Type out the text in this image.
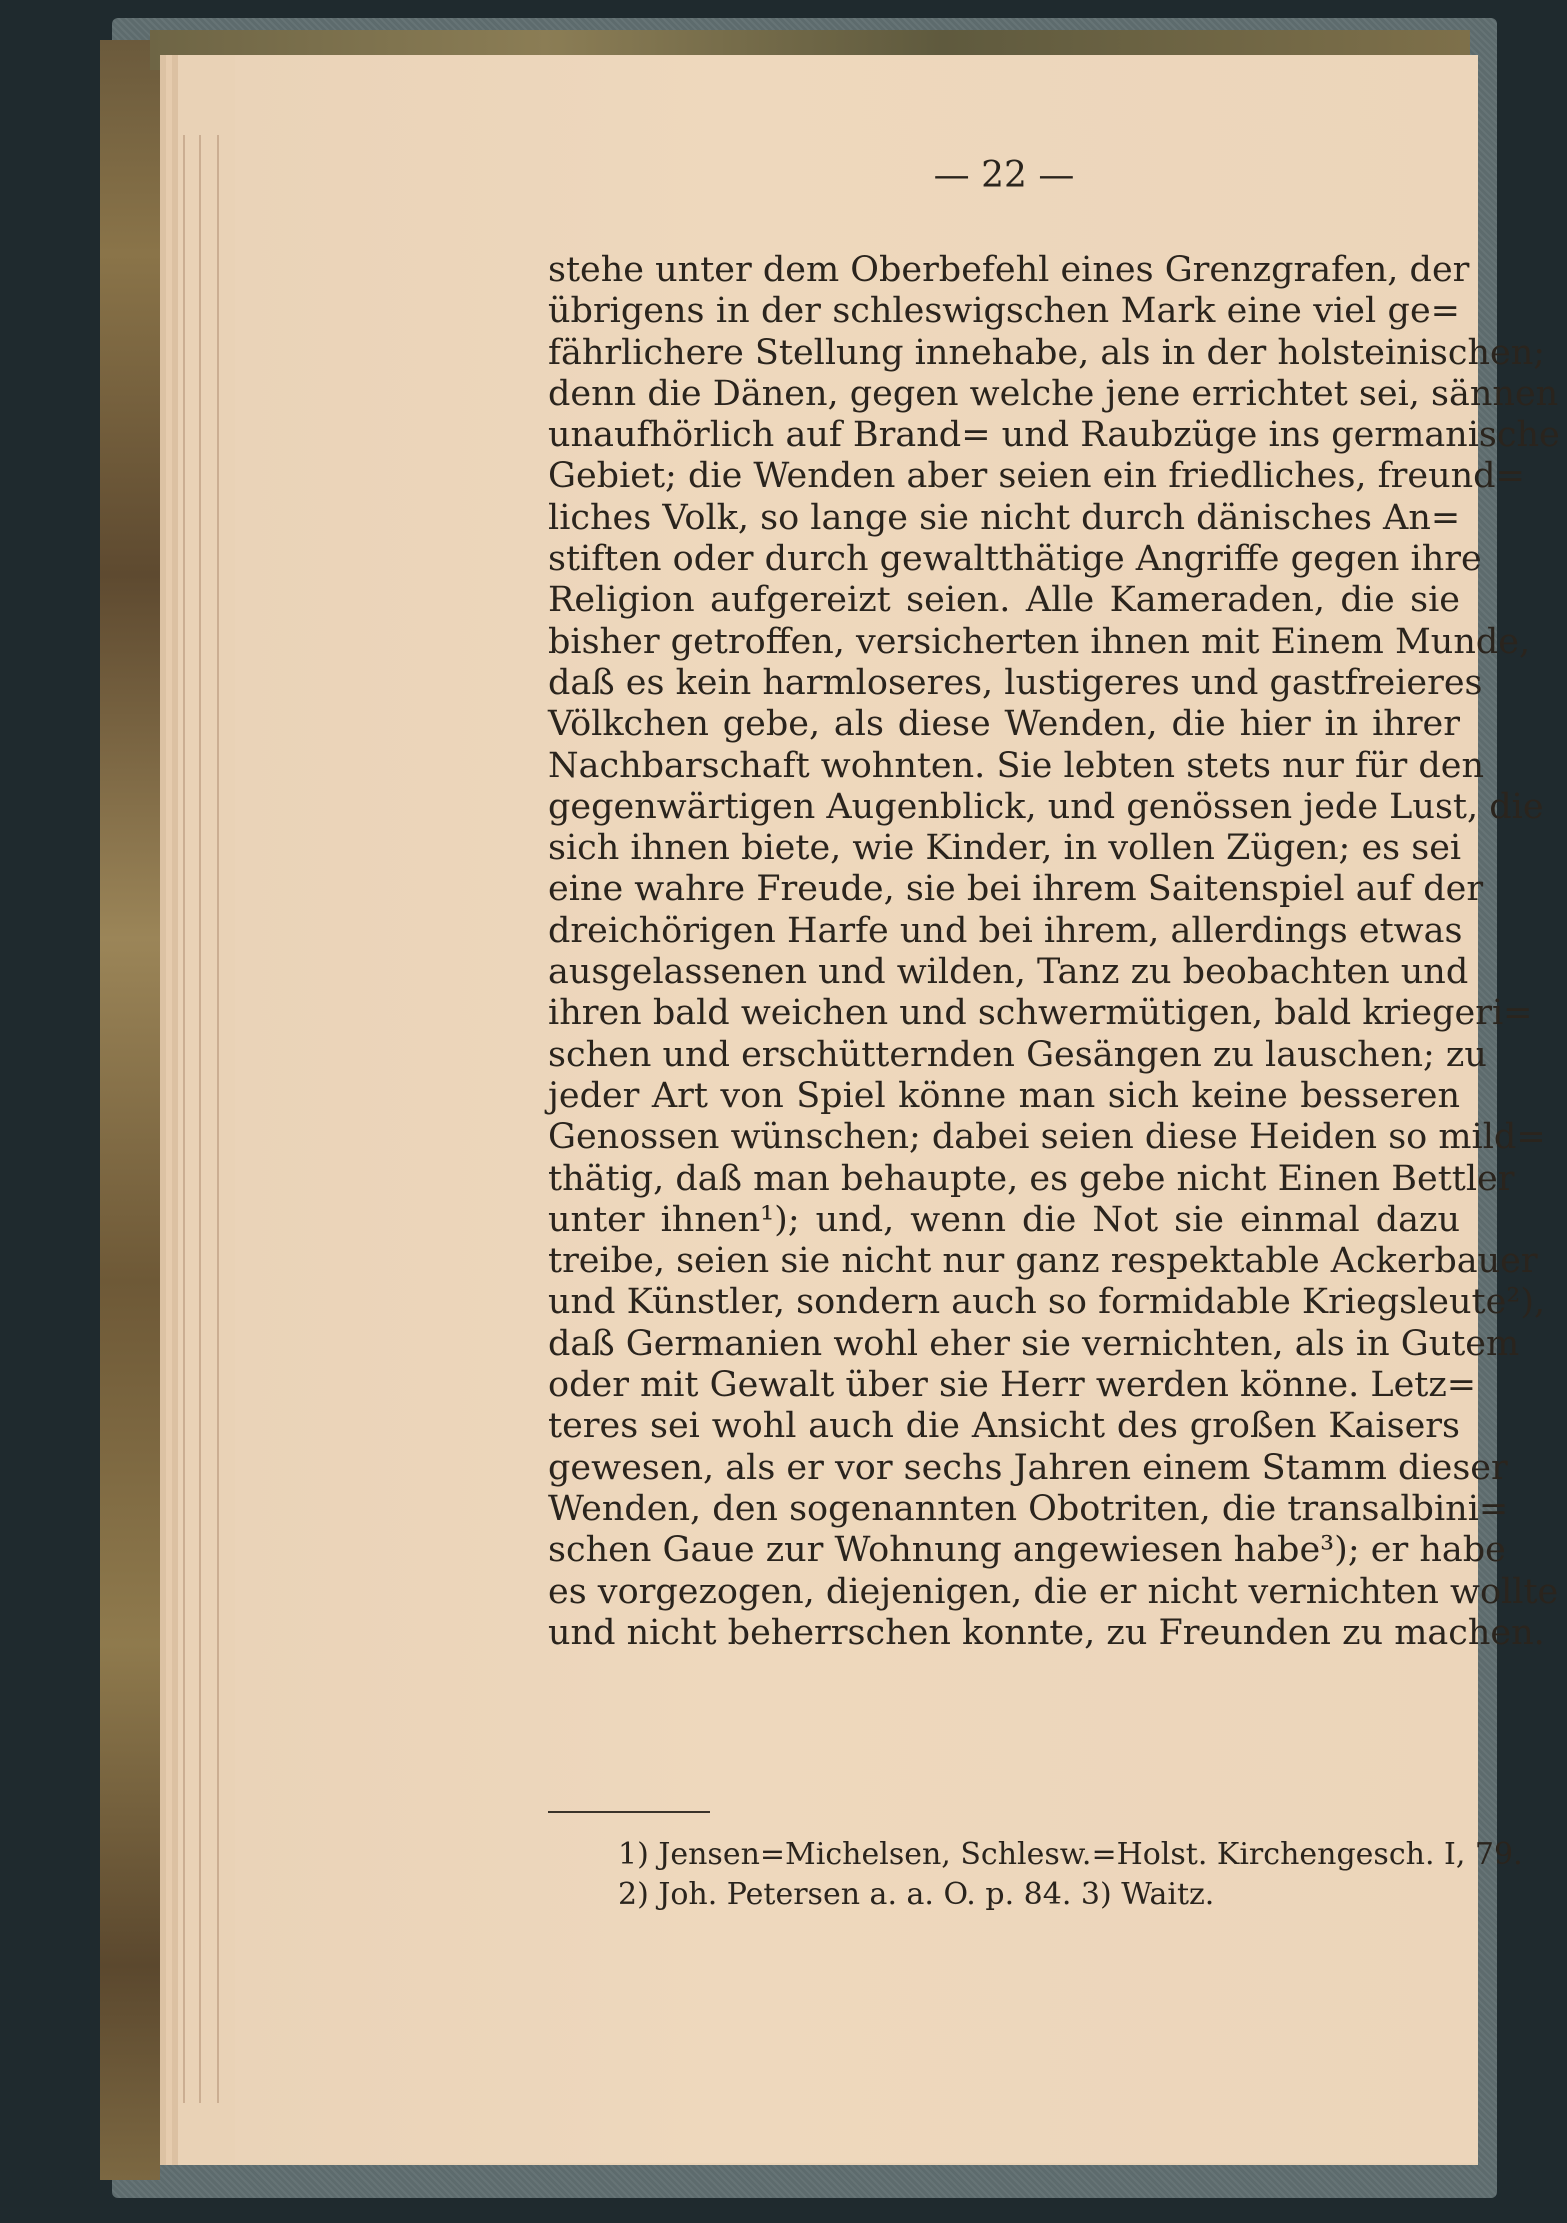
— 22 —
stehe unter dem Oberbefehl eines Grenzgrafen, der
übrigens in der schleswigschen Mark eine viel ge=
fährlichere Stellung innehabe, als in der holsteinischen;
denn die Dänen, gegen welche jene errichtet sei, sännen
unaufhörlich auf Brand= und Raubzüge ins germanische
Gebiet; die Wenden aber seien ein friedliches, freund=
liches Volk, so lange sie nicht durch dänisches An=
stiften oder durch gewaltthätige Angriffe gegen ihre
Religion aufgereizt seien. Alle Kameraden, die sie
bisher getroffen, versicherten ihnen mit Einem Munde,
daß es kein harmloseres, lustigeres und gastfreieres
Völkchen gebe, als diese Wenden, die hier in ihrer
Nachbarschaft wohnten. Sie lebten stets nur für den
gegenwärtigen Augenblick, und genössen jede Lust, die
sich ihnen biete, wie Kinder, in vollen Zügen; es sei
eine wahre Freude, sie bei ihrem Saitenspiel auf der
dreichörigen Harfe und bei ihrem, allerdings etwas
ausgelassenen und wilden, Tanz zu beobachten und
ihren bald weichen und schwermütigen, bald kriegeri=
schen und erschütternden Gesängen zu lauschen; zu
jeder Art von Spiel könne man sich keine besseren
Genossen wünschen; dabei seien diese Heiden so mild=
thätig, daß man behaupte, es gebe nicht Einen Bettler
unter ihnen¹); und, wenn die Not sie einmal dazu
treibe, seien sie nicht nur ganz respektable Ackerbauer
und Künstler, sondern auch so formidable Kriegsleute²),
daß Germanien wohl eher sie vernichten, als in Gutem
oder mit Gewalt über sie Herr werden könne. Letz=
teres sei wohl auch die Ansicht des großen Kaisers
gewesen, als er vor sechs Jahren einem Stamm dieser
Wenden, den sogenannten Obotriten, die transalbini=
schen Gaue zur Wohnung angewiesen habe³); er habe
es vorgezogen, diejenigen, die er nicht vernichten wollte
und nicht beherrschen konnte, zu Freunden zu machen.
1) Jensen=Michelsen, Schlesw.=Holst. Kirchengesch. I, 79.
2) Joh. Petersen a. a. O. p. 84. 3) Waitz.
